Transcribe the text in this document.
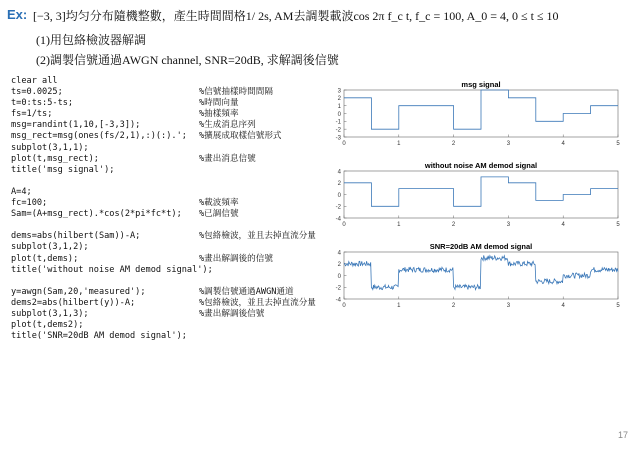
Ex: [−3, 3]均匀分布隨機整數，產生時間間格1/ 2s, AM去調製載波cos 2π f_c t, f_c = 100, A_0 = 4, 0 ≤ t ≤ 10
(1)用包絡檢波器解調
(2)調製信號通過AWGN channel, SNR=20dB, 求解調後信號
clear all
ts=0.0025;	%信號抽樣時間間隔
t=0:ts:5-ts;	%時間向量
fs=1/ts;	%抽樣頻率
msg=randint(1,10,[-3,3]);	%生成消息序列
msg_rect=msg(ones(fs/2,1),:)(:).'; %擴展成取樣信號形式
subplot(3,1,1);
plot(t,msg_rect);	%畫出消息信號
title('msg signal');
A=4;
fc=100;	%載波頻率
Sam=(A+msg_rect).*cos(2*pi*fc*t); %已調信號
dems=abs(hilbert(Sam))-A;	%包絡檢波，並且去掉直流分量
subplot(3,1,2);
plot(t,dems);	%畫出解調後的信號
title('without noise AM demod signal');
y=awgn(Sam,20,'measured');	%調製信號通過AWGN通道
dems2=abs(hilbert(y))-A;	%包絡檢波，並且去掉直流分量
subplot(3,1,3);	%畫出解調後信號
plot(t,dems2);
title('SNR=20dB AM demod signal');
msg signal
3
2
1
0
-1
-2
-3
0	1	2	3	4	5
without noise AM demod signal
4
2
0
-2
-4
0	1	2	3	4	5
SNR=20dB AM demod signal
4
2
0
-2
-4
0	1	2	3	4	5
17
